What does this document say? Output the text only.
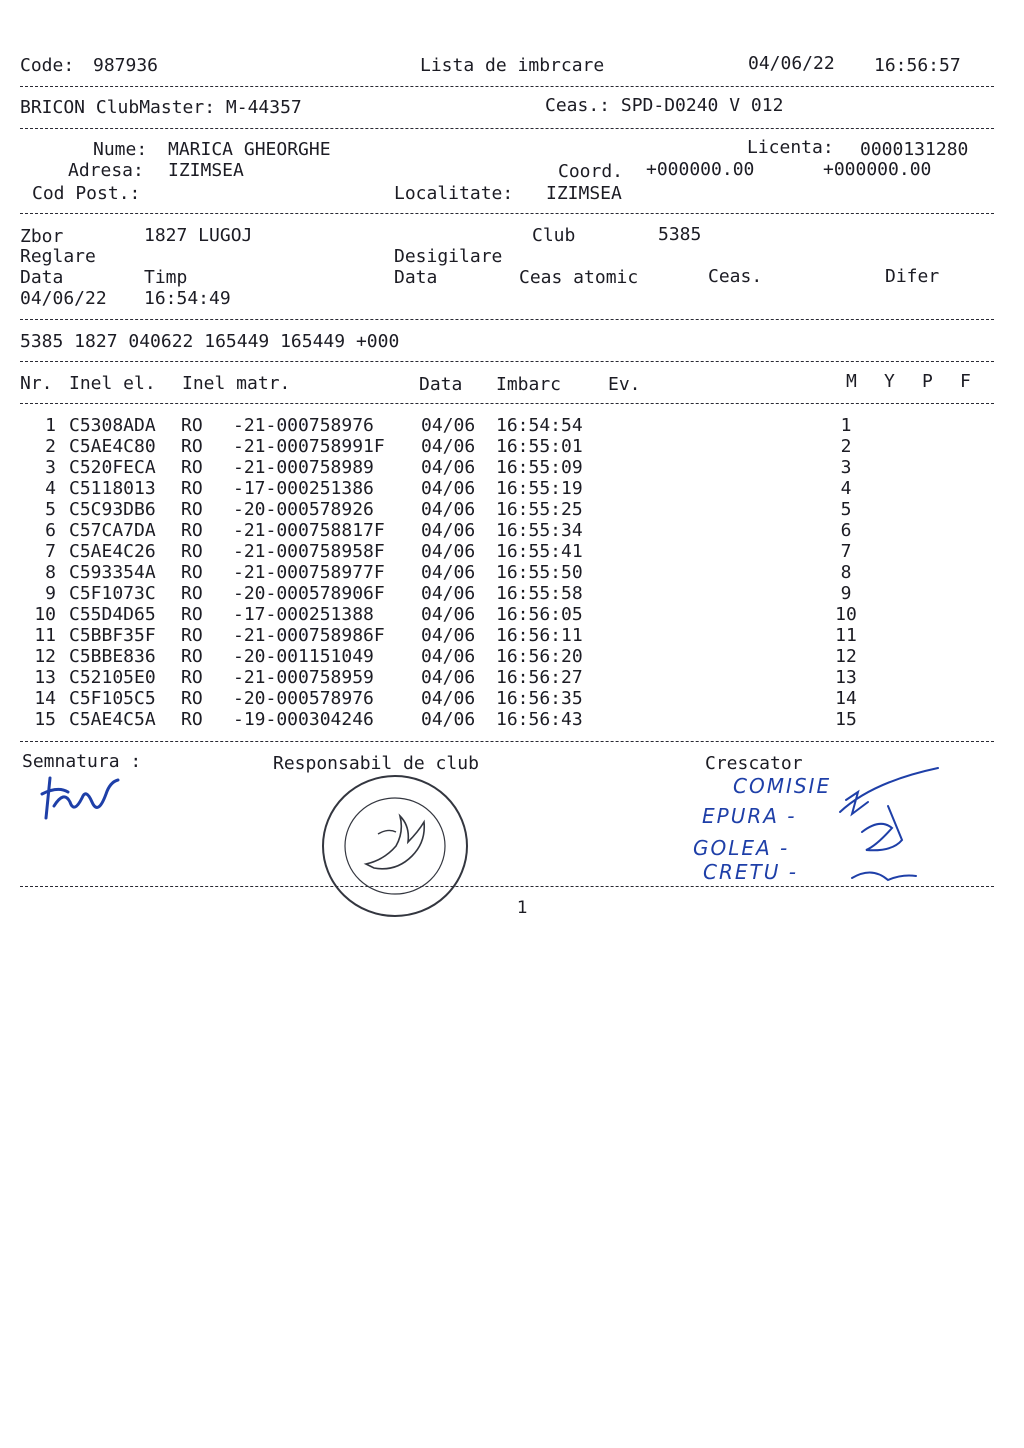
Code: 987936	Lista de imbrcare	04/06/22 16:56:57
BRICON ClubMaster: M-44357	Ceas.: SPD-D0240 V 012
Nume: MARICA GHEORGHE	Licenta: 0000131280
Adresa: IZIMSEA	Coord. +000000.00	+000000.00
Cod Post.:	Localitate: IZIMSEA
Zbor	1827 LUGOJ	Club	5385
Reglare	Desigilare
Data	Timp	Data	Ceas atomic	Ceas.	Difer
04/06/22 16:54:49
5385 1827 040622 165449 165449 +000
Nr. Inel el. Inel matr.	Data Imbarc	Ev.	M Y P F
1 C5308ADA RO -21-000758976	04/06 16:54:54	1
2 C5AE4C80 RO -21-000758991F 04/06 16:55:01	2
3 C520FECA RO -21-000758989	04/06 16:55:09	3
4 C5118013 RO -17-000251386	04/06 16:55:19	4
5 C5C93DB6 RO -20-000578926	04/06 16:55:25	5
6 C57CA7DA RO -21-000758817F 04/06 16:55:34	6
7 C5AE4C26 RO -21-000758958F 04/06 16:55:41	7
8 C593354A RO -21-000758977F 04/06 16:55:50	8
9 C5F1073C RO -20-000578906F 04/06 16:55:58	9
10 C55D4D65 RO -17-000251388	04/06 16:56:05	10
11 C5BBF35F RO -21-000758986F 04/06 16:56:11	11
12 C5BBE836 RO -20-001151049	04/06 16:56:20	12
13 C52105E0 RO -21-000758959	04/06 16:56:27	13
14 C5F105C5 RO -20-000578976	04/06 16:56:35	14
15 C5AE4C5A RO -19-000304246	04/06 16:56:43	15
Semnatura :	Responsabil de club	Crescator
COMISIE
EPURA -
GOLEA -
CRETU -
1
